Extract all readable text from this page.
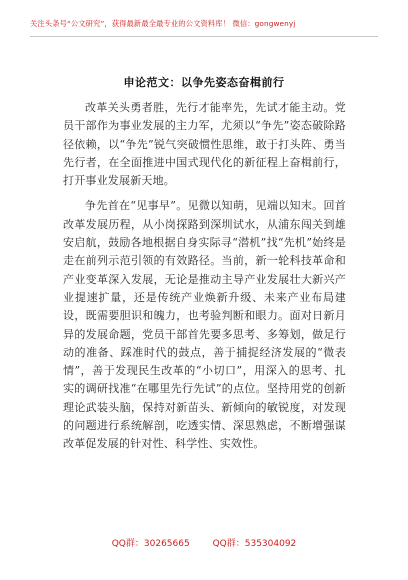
关注头条号“公文研究”，获得最新最全最专业的公文资料库！ 微信：gongwenyj
申论范文：以争先姿态奋楫前行

改革关头勇者胜，先行才能率先，先试才能主动。党员干部作为事业发展的主力军，尤须以“争先”姿态破除路径依赖，以“争先”锐气突破惯性思维，敢于打头阵、勇当先行者，在全面推进中国式现代化的新征程上奋楫前行，打开事业发展新天地。

争先首在“见事早”。见微以知萌，见端以知末。回首改革发展历程，从小岗探路到深圳试水，从浦东闯关到雄安启航，鼓励各地根据自身实际寻“潜机”找“先机”始终是走在前列示范引领的有效路径。当前，新一轮科技革命和产业变革深入发展，无论是推动主导产业发展壮大新兴产业提速扩量，还是传统产业焕新升级、未来产业布局建设，既需要胆识和魄力，也考验判断和眼力。面对日新月异的发展命题，党员干部首先要多思考、多筹划，做足行动的准备、踩准时代的鼓点，善于捕捉经济发展的“微表情”，善于发现民生改革的“小切口”，用深入的思考、扎实的调研找准“在哪里先行先试”的点位。坚持用党的创新理论武装头脑，保持对新苗头、新倾向的敏锐度，对发现的问题进行系统解剖，吃透实情、深思熟虑，不断增强谋改革促发展的针对性、科学性、实效性。

QQ群：30265665	QQ群：535304092
